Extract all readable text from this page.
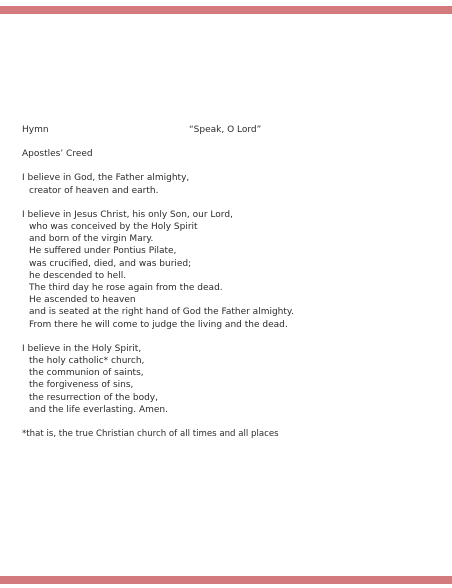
Hymn	“Speak, O Lord”
Apostles’ Creed
I believe in God, the Father almighty,
creator of heaven and earth.
I believe in Jesus Christ, his only Son, our Lord,
who was conceived by the Holy Spirit
and born of the virgin Mary.
He suffered under Pontius Pilate,
was crucified, died, and was buried;
he descended to hell.
The third day he rose again from the dead.
He ascended to heaven
and is seated at the right hand of God the Father almighty.
From there he will come to judge the living and the dead.
I believe in the Holy Spirit,
the holy catholic* church,
the communion of saints,
the forgiveness of sins,
the resurrection of the body,
and the life everlasting. Amen.
*that is, the true Christian church of all times and all places
